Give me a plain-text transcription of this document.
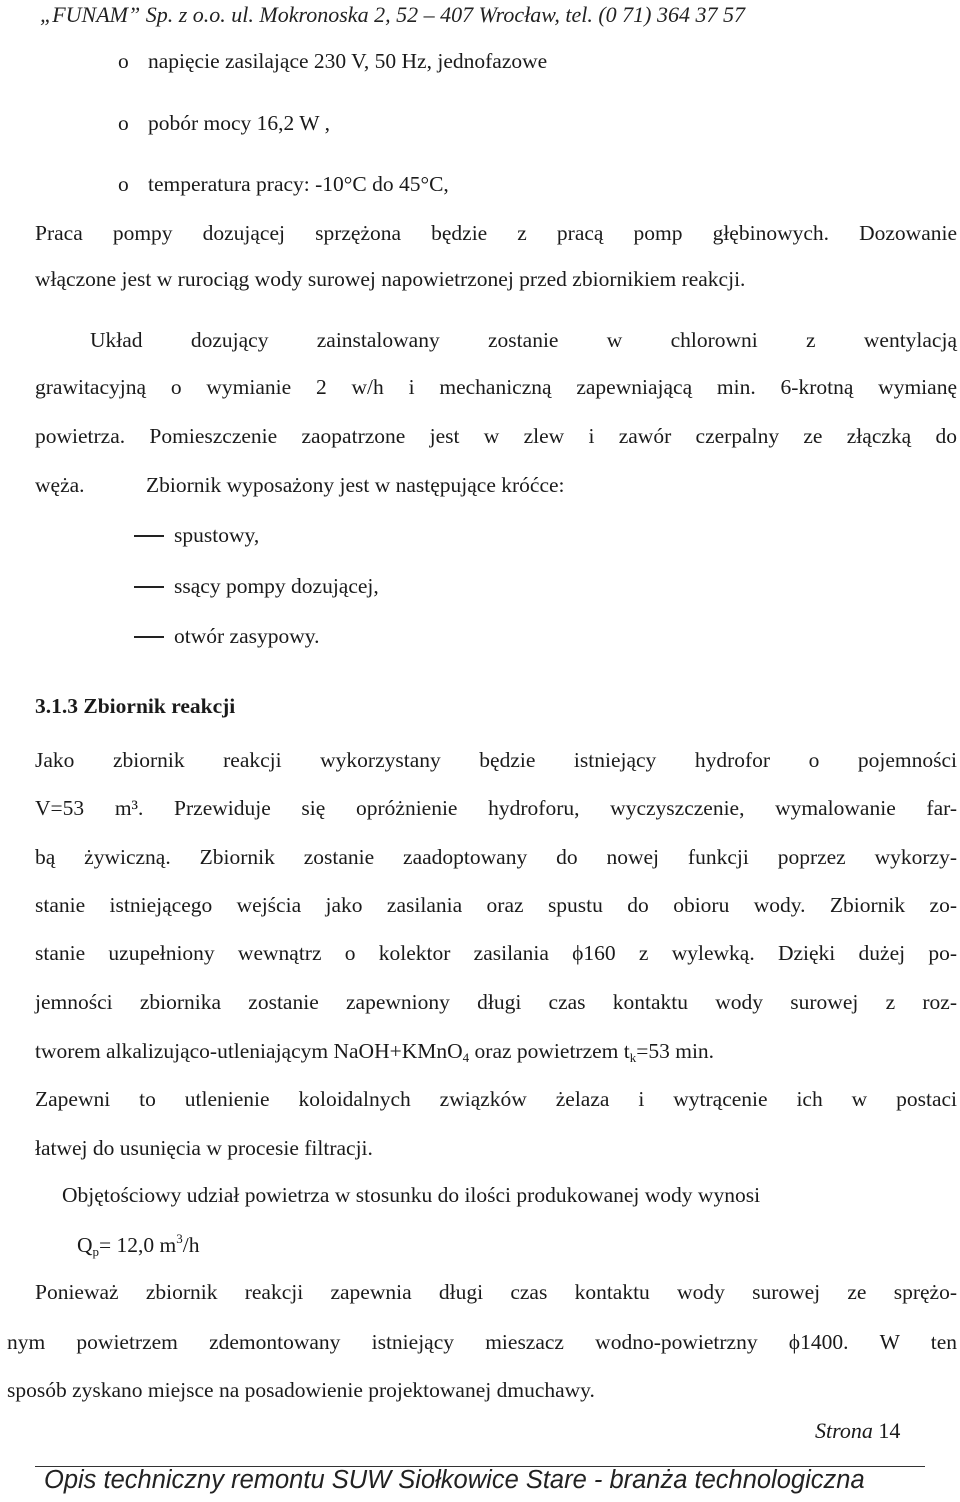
„FUNAM” Sp. z o.o. ul. Mokronoska 2, 52 – 407 Wrocław, tel. (0 71) 364 37 57
o napięcie zasilające 230 V, 50 Hz, jednofazowe
o pobór mocy 16,2 W ,
o temperatura pracy: -10°C do 45°C,
Praca pompy dozującej sprzężona będzie z pracą pomp głębinowych. Dozowanie
włączone jest w rurociąg wody surowej napowietrzonej przed zbiornikiem reakcji.
Układ dozujący zainstalowany zostanie w chlorowni z wentylacją
grawitacyjną o wymianie 2 w/h i mechaniczną zapewniającą min. 6-krotną wymianę
powietrza. Pomieszczenie zaopatrzone jest w zlew i zawór czerpalny ze złączką do
węża.	Zbiornik wyposażony jest w następujące króćce:
spustowy,
ssący pompy dozującej,
otwór zasypowy.
3.1.3 Zbiornik reakcji
Jako zbiornik reakcji wykorzystany będzie istniejący hydrofor o pojemności
V=53 m³. Przewiduje się opróżnienie hydroforu, wyczyszczenie, wymalowanie far-
bą żywiczną. Zbiornik zostanie zaadoptowany do nowej funkcji poprzez wykorzy-
stanie istniejącego wejścia jako zasilania oraz spustu do obioru wody. Zbiornik zo-
stanie uzupełniony wewnątrz o kolektor zasilania ϕ160 z wylewką. Dzięki dużej po-
jemności zbiornika zostanie zapewniony długi czas kontaktu wody surowej z roz-
tworem alkalizująco-utleniającym NaOH+KMnO$_4$ oraz powietrzem $t_k=53$ min.
Zapewni to utlenienie koloidalnych związków żelaza i wytrącenie ich w postaci
łatwej do usunięcia w procesie filtracji.
Objętościowy udział powietrza w stosunku do ilości produkowanej wody wynosi
$Q_p= 12,0$ $m^3/h$
Ponieważ zbiornik reakcji zapewnia długi czas kontaktu wody surowej ze sprężo-
nym powietrzem zdemontowany istniejący mieszacz wodno-powietrzny ϕ1400. W ten
sposób zyskano miejsce na posadowienie projektowanej dmuchawy.
Strona 14
Opis techniczny remontu SUW Siołkowice Stare - branża technologiczna
